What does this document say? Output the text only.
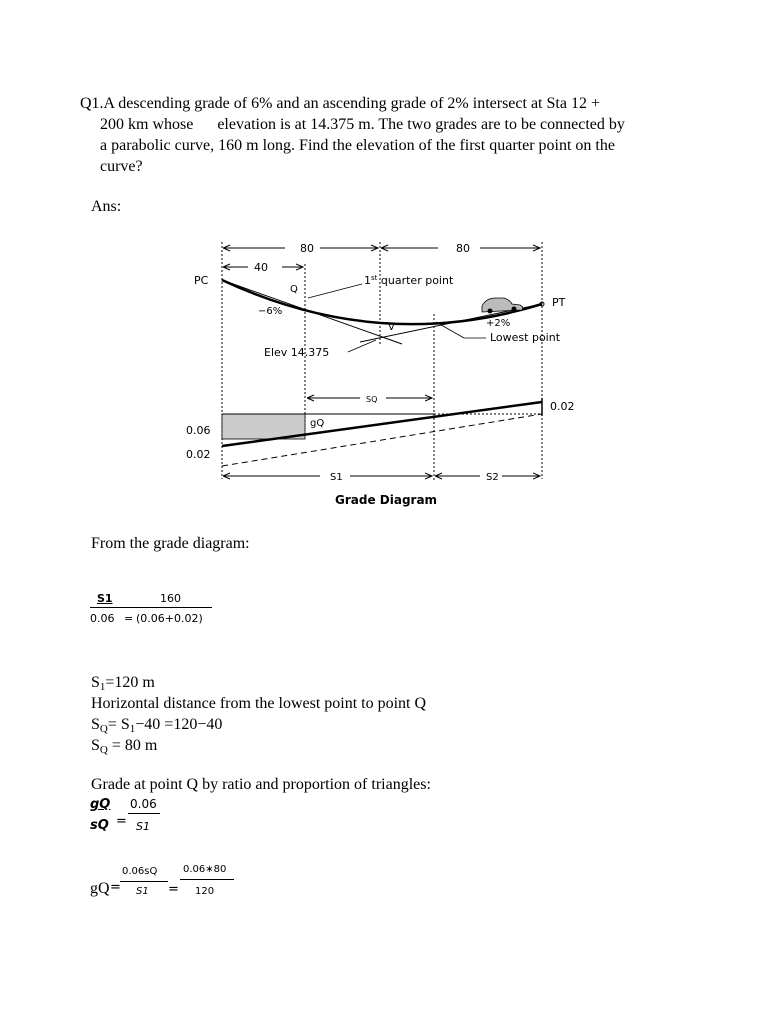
Q1.A descending grade of 6% and an ascending grade of 2% intersect at Sta 12 +
200 km whose      elevation is at 14.375 m. The two grades are to be connected by
a parabolic curve, 160 m long. Find the elevation of the first quarter point on the
curve?
Ans:
80	80
40
PC
PT
Q
V
1st quarter point
−6%
+2%
Lowest point
Elev 14.375
SQ
gQ
0.06
0.02
0.02
S1	S2
Grade Diagram
From the grade diagram:
S1	160
0.06 = (0.06+0.02)
$S_1=120$ m
Horizontal distance from the lowest point to point Q
$S_Q= S_1-40 =120-40$
$S_Q = 80$ m
Grade at point Q by ratio and proportion of triangles:
gQ 0.06
sQ = S1
gQ =
0.06sQ
S1 =
0.06∗80
120
